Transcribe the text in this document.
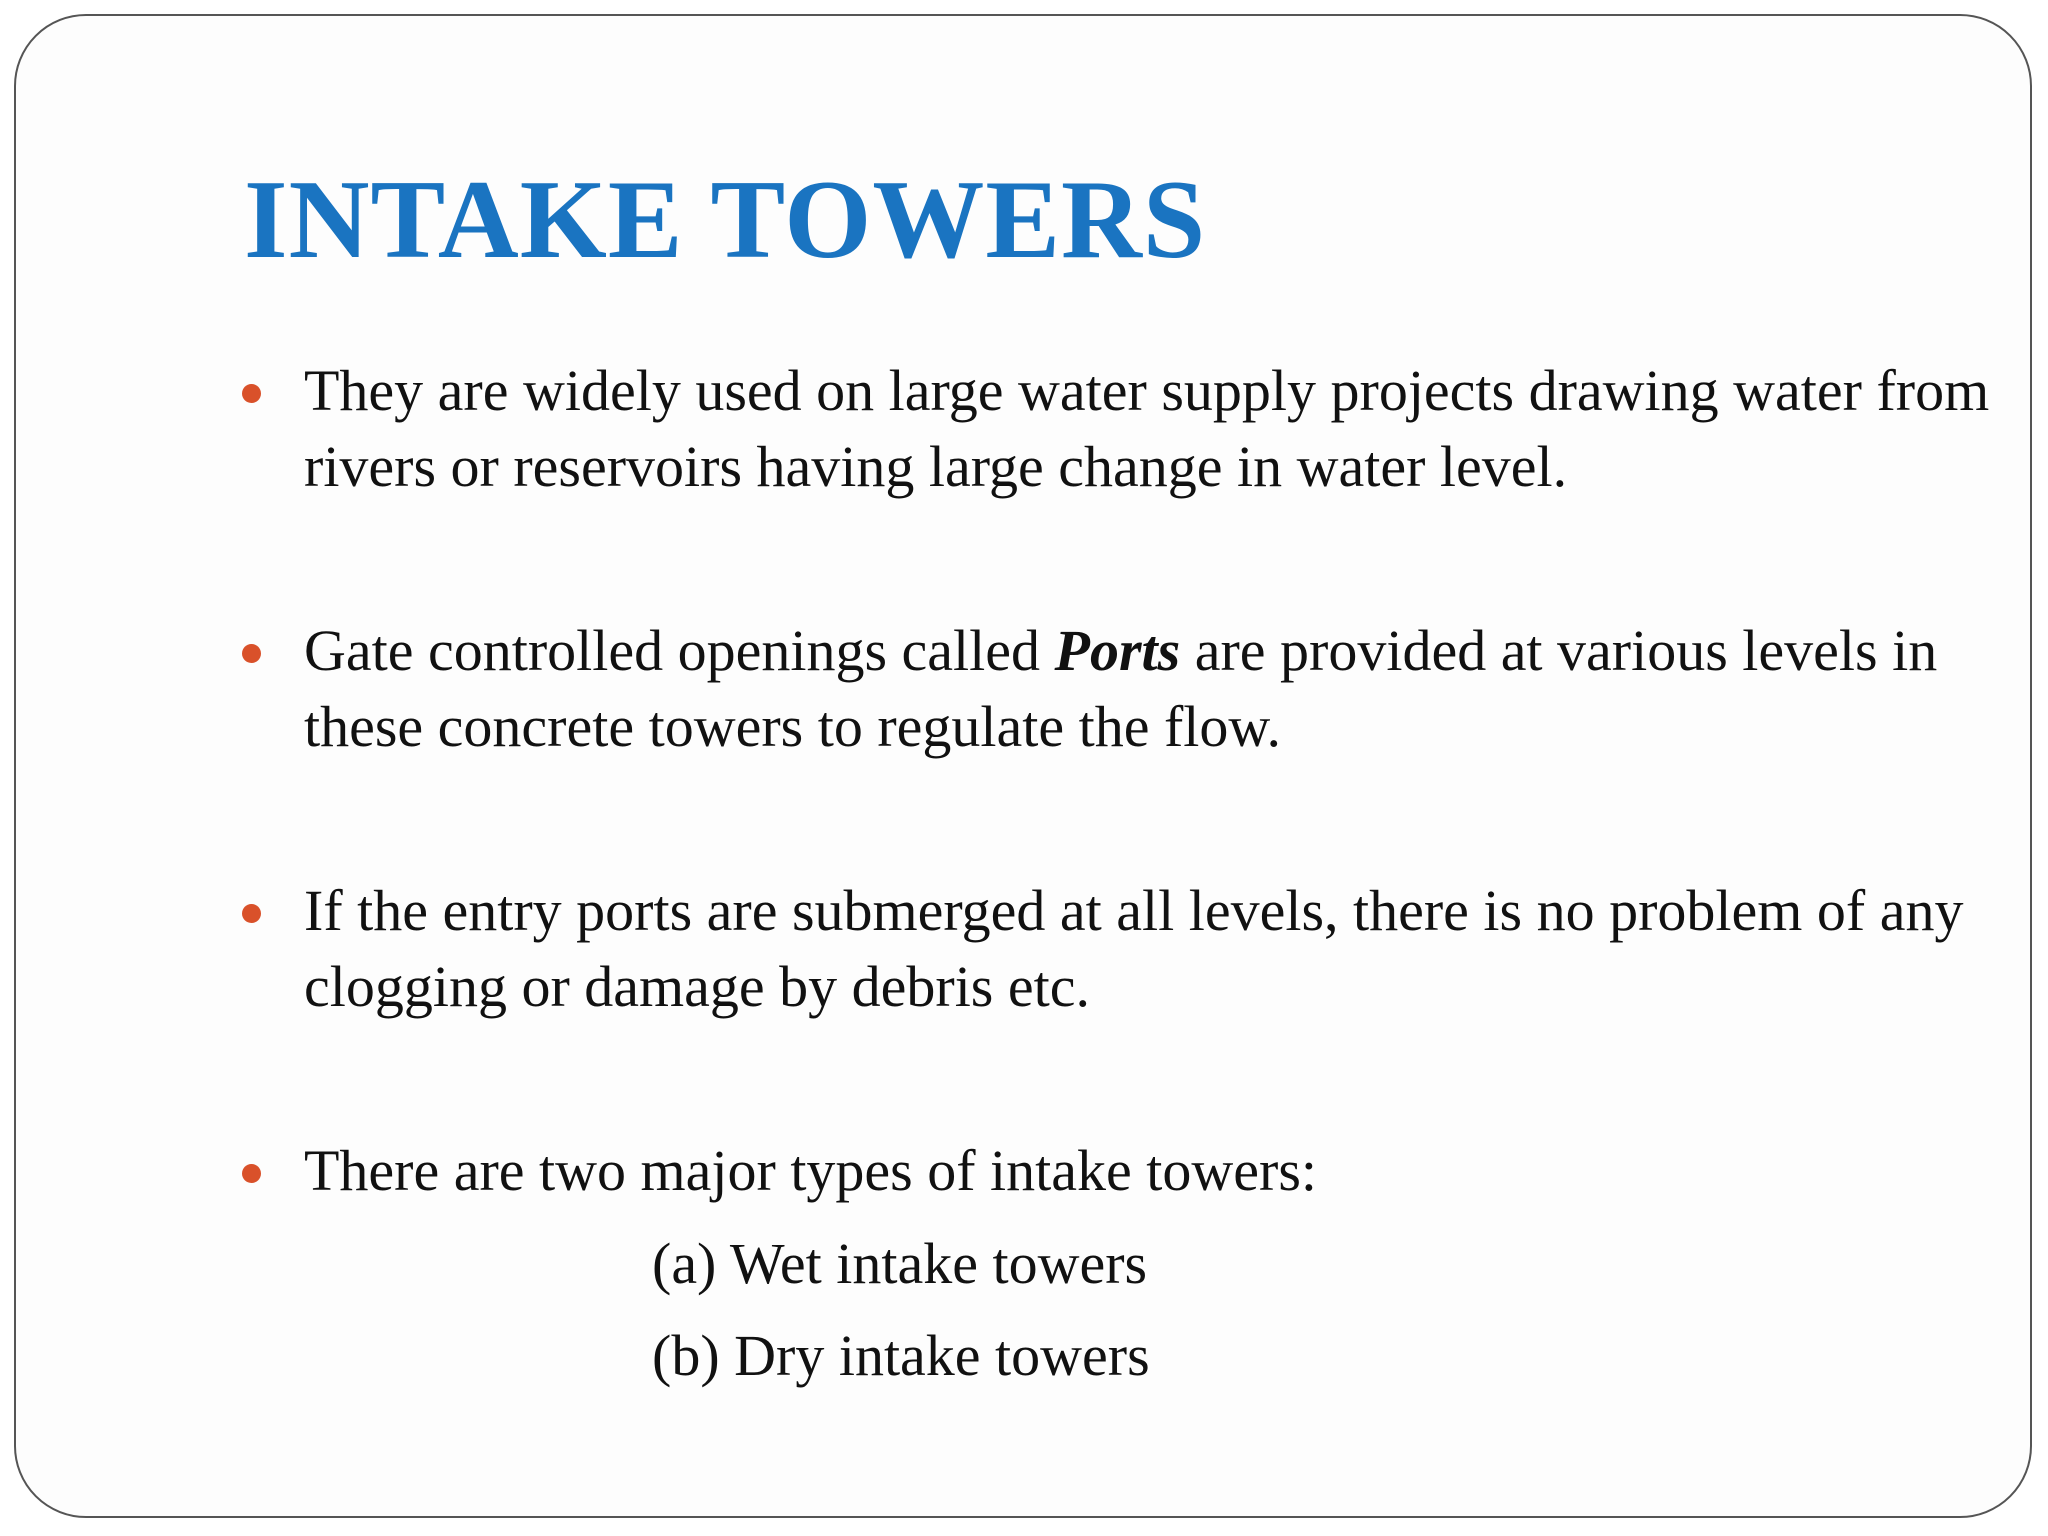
INTAKE TOWERS
They are widely used on large water supply projects drawing water from rivers or reservoirs having large change in water level.
Gate controlled openings called Ports are provided at various levels in these concrete towers to regulate the flow.
If the entry ports are submerged at all levels, there is no problem of any clogging or damage by debris etc.
There are two major types of intake towers:
(a) Wet intake towers
(b) Dry intake towers
